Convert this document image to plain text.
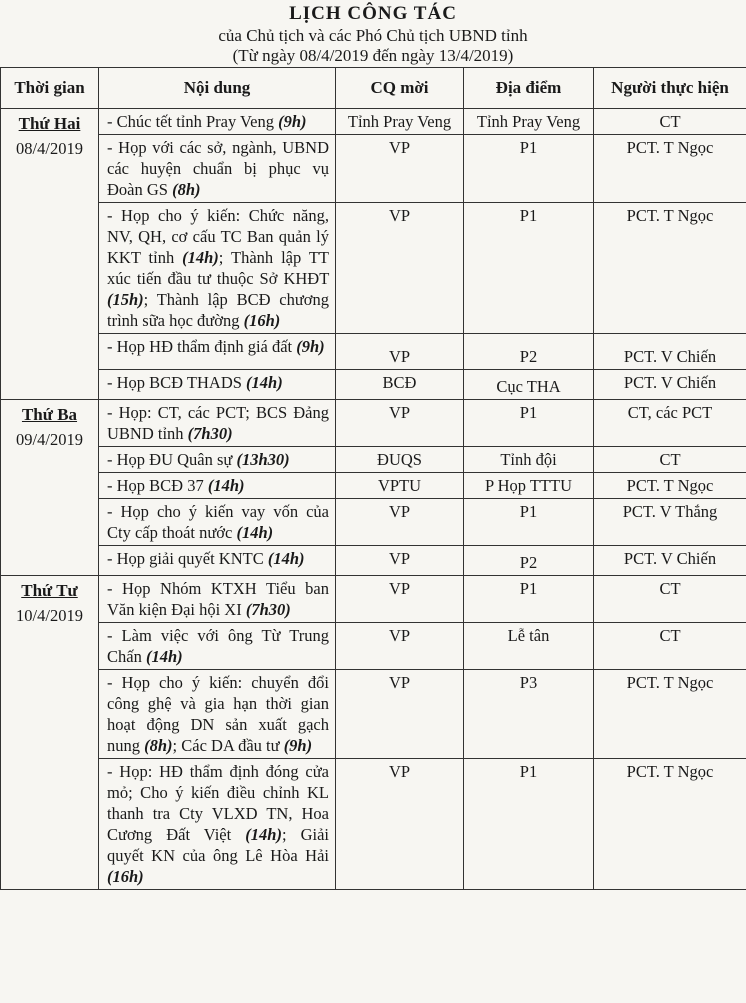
LỊCH CÔNG TÁC
của Chủ tịch và các Phó Chủ tịch UBND tỉnh
(Từ ngày 08/4/2019 đến ngày 13/4/2019)
Thời gian	Nội dung	CQ mời	Địa điểm	Người thực hiện
Thứ Hai
08/4/2019	- Chúc tết tỉnh Pray Veng (9h)	Tỉnh Pray Veng	Tỉnh Pray Veng	CT
	- Họp với các sở, ngành, UBND các huyện chuẩn bị phục vụ Đoàn GS (8h)	VP	P1	PCT. T Ngọc
	- Họp cho ý kiến: Chức năng, NV, QH, cơ cấu TC Ban quản lý KKT tỉnh (14h); Thành lập TT xúc tiến đầu tư thuộc Sở KHĐT (15h); Thành lập BCĐ chương trình sữa học đường (16h)	VP	P1	PCT. T Ngọc
	- Họp HĐ thẩm định giá đất (9h)	VP	P2	PCT. V Chiến
	- Họp BCĐ THADS (14h)	BCĐ	Cục THA	PCT. V Chiến
Thứ Ba
09/4/2019	- Họp: CT, các PCT; BCS Đảng UBND tỉnh (7h30)	VP	P1	CT, các PCT
	- Họp ĐU Quân sự (13h30)	ĐUQS	Tỉnh đội	CT
	- Họp BCĐ 37 (14h)	VPTU	P Họp TTTU	PCT. T Ngọc
	- Họp cho ý kiến vay vốn của Cty cấp thoát nước (14h)	VP	P1	PCT. V Thắng
	- Họp giải quyết KNTC (14h)	VP	P2	PCT. V Chiến
Thứ Tư
10/4/2019	- Họp Nhóm KTXH Tiểu ban Văn kiện Đại hội XI (7h30)	VP	P1	CT
	- Làm việc với ông Từ Trung Chấn (14h)	VP	Lễ tân	CT
	- Họp cho ý kiến: chuyển đổi công ghệ và gia hạn thời gian hoạt động DN sản xuất gạch nung (8h); Các DA đầu tư (9h)	VP	P3	PCT. T Ngọc
	- Họp: HĐ thẩm định đóng cửa mỏ; Cho ý kiến điều chỉnh KL thanh tra Cty VLXD TN, Hoa Cương Đất Việt (14h); Giải quyết KN của ông Lê Hòa Hải (16h)	VP	P1	PCT. T Ngọc
